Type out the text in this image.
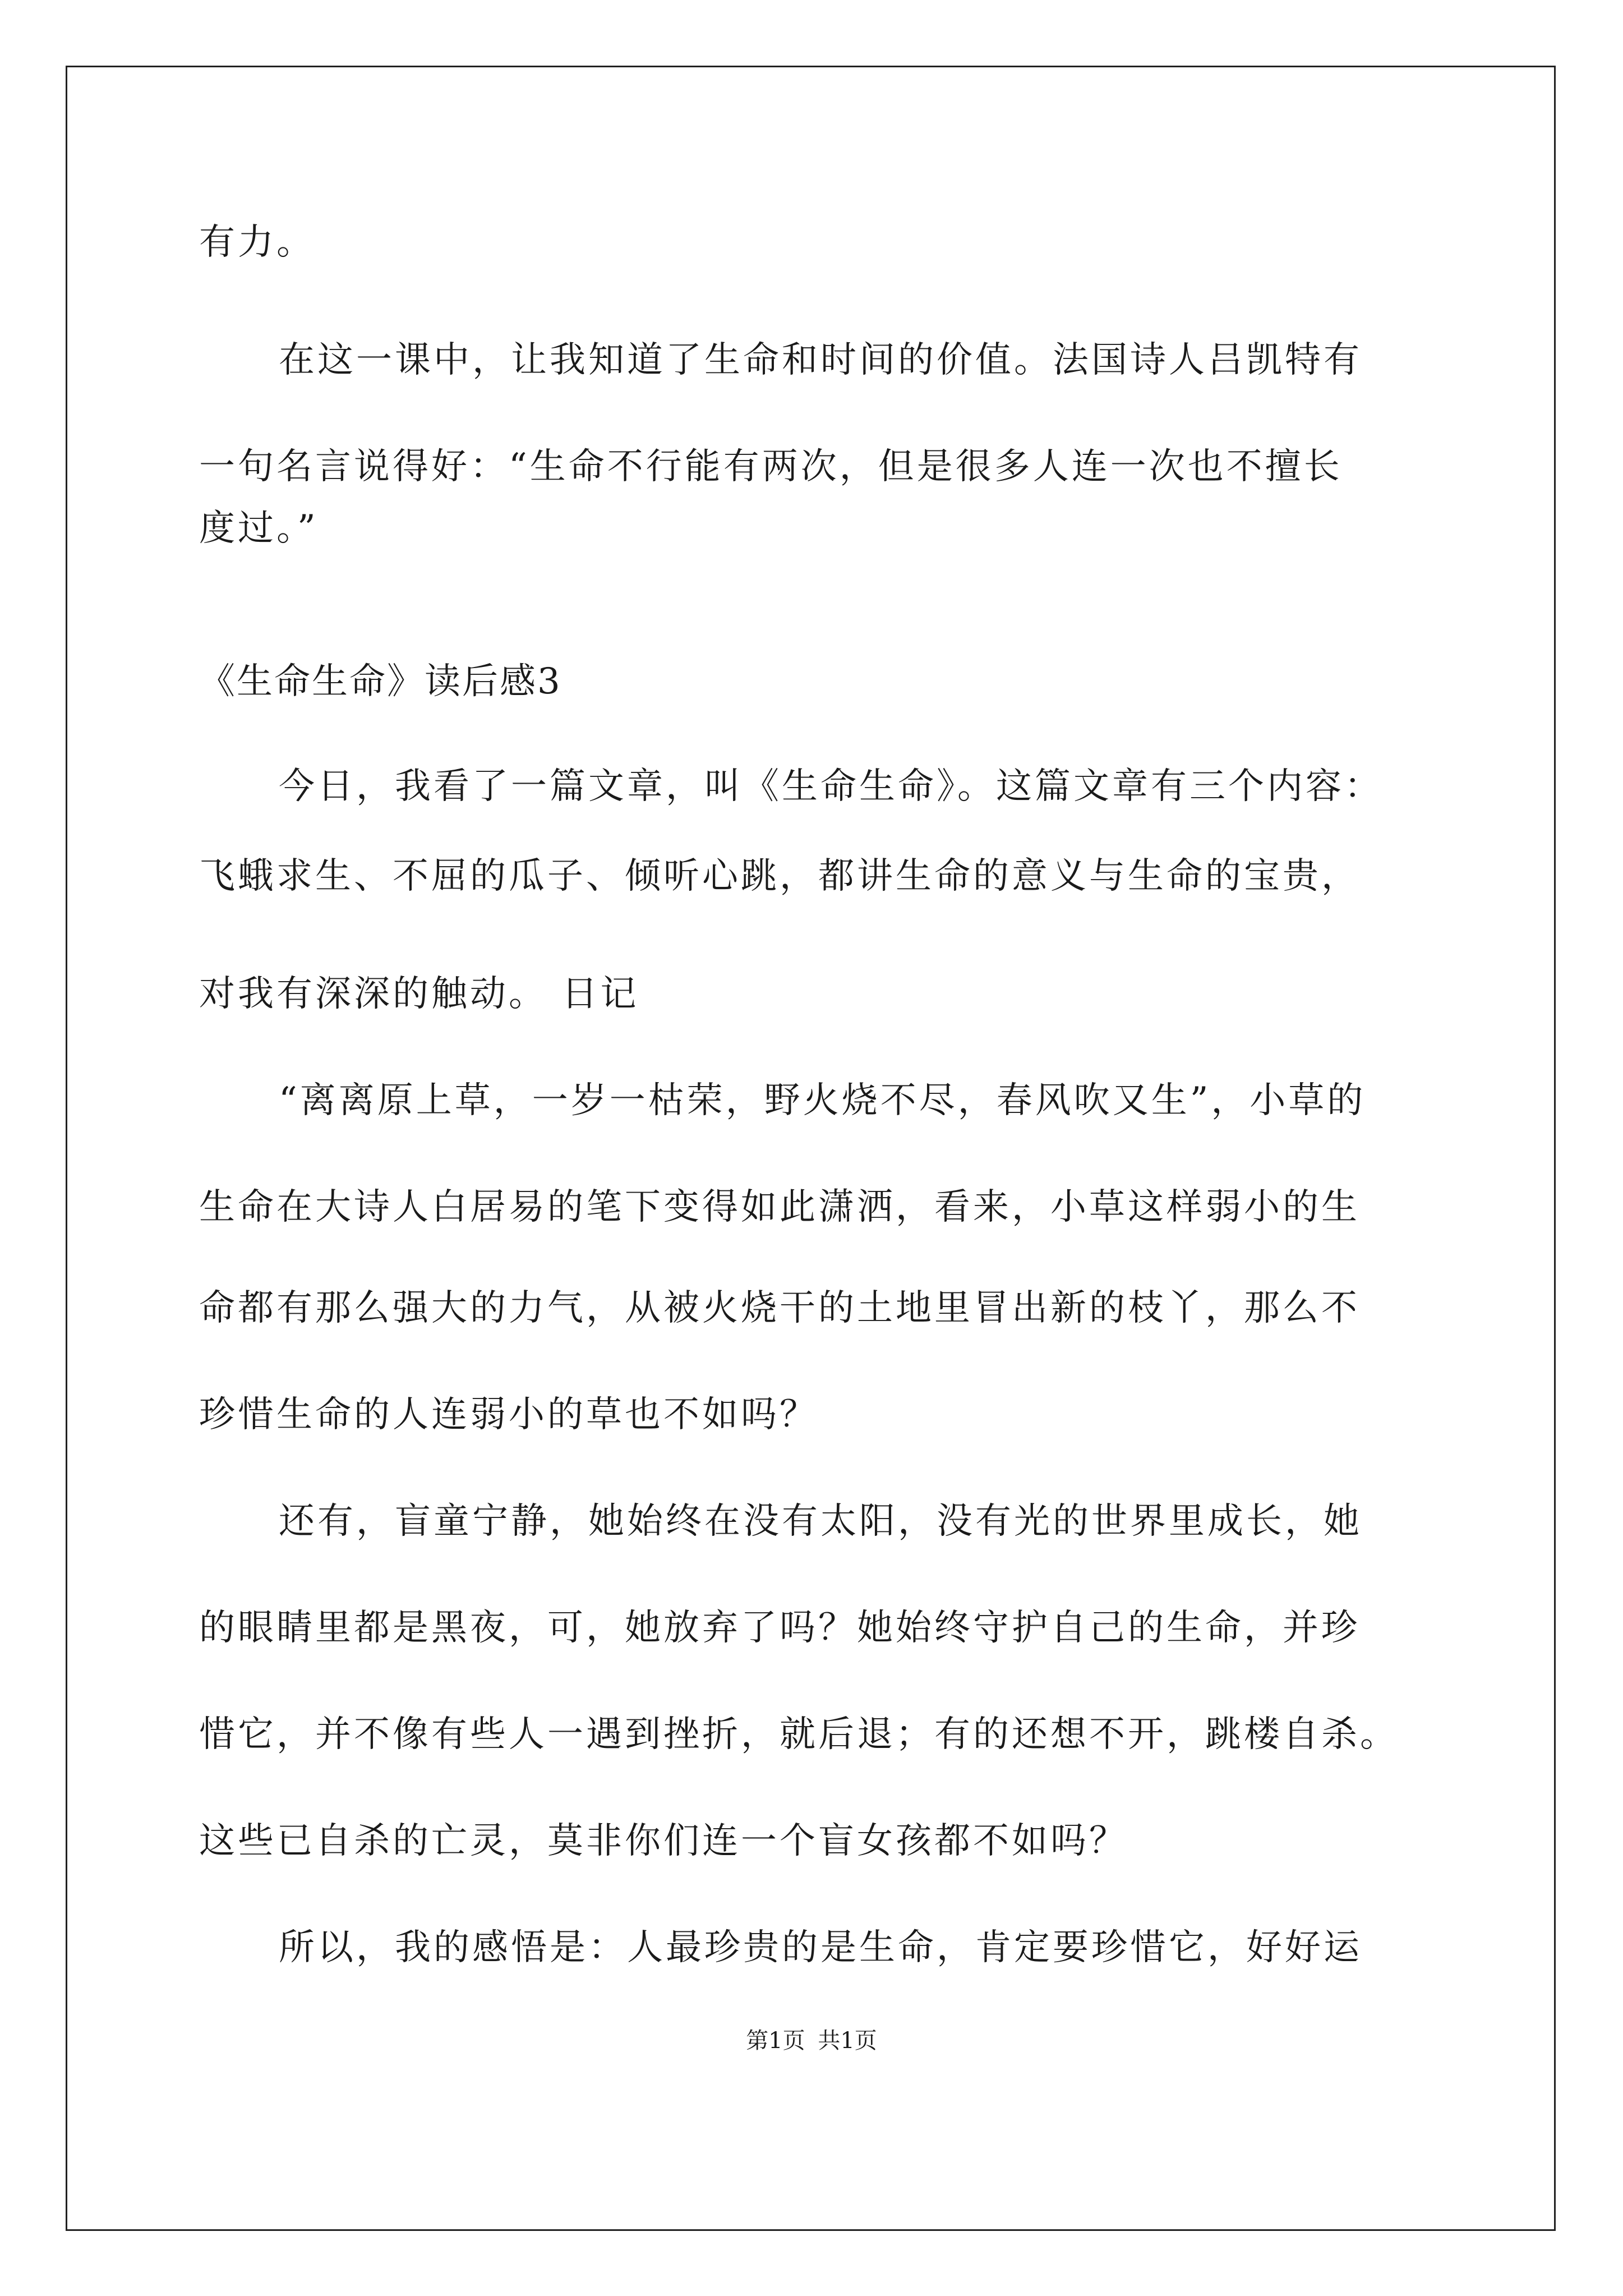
有力。

在这一课中，让我知道了生命和时间的价值。法国诗人吕凯特有

一句名言说得好：“生命不行能有两次，但是很多人连一次也不擅长

度过。”

《生命生命》读后感3

今日，我看了一篇文章，叫《生命生命》。这篇文章有三个内容：

飞蛾求生、不屈的瓜子、倾听心跳，都讲生命的意义与生命的宝贵，

对我有深深的触动。 日记

“离离原上草，一岁一枯荣，野火烧不尽，春风吹又生”，小草的

生命在大诗人白居易的笔下变得如此潇洒，看来，小草这样弱小的生

命都有那么强大的力气，从被火烧干的土地里冒出新的枝丫，那么不

珍惜生命的人连弱小的草也不如吗？

还有，盲童宁静，她始终在没有太阳，没有光的世界里成长，她

的眼睛里都是黑夜，可，她放弃了吗？她始终守护自己的生命，并珍

惜它，并不像有些人一遇到挫折，就后退；有的还想不开，跳楼自杀。

这些已自杀的亡灵，莫非你们连一个盲女孩都不如吗？

所以，我的感悟是：人最珍贵的是生命，肯定要珍惜它，好好运

第1页 共1页
